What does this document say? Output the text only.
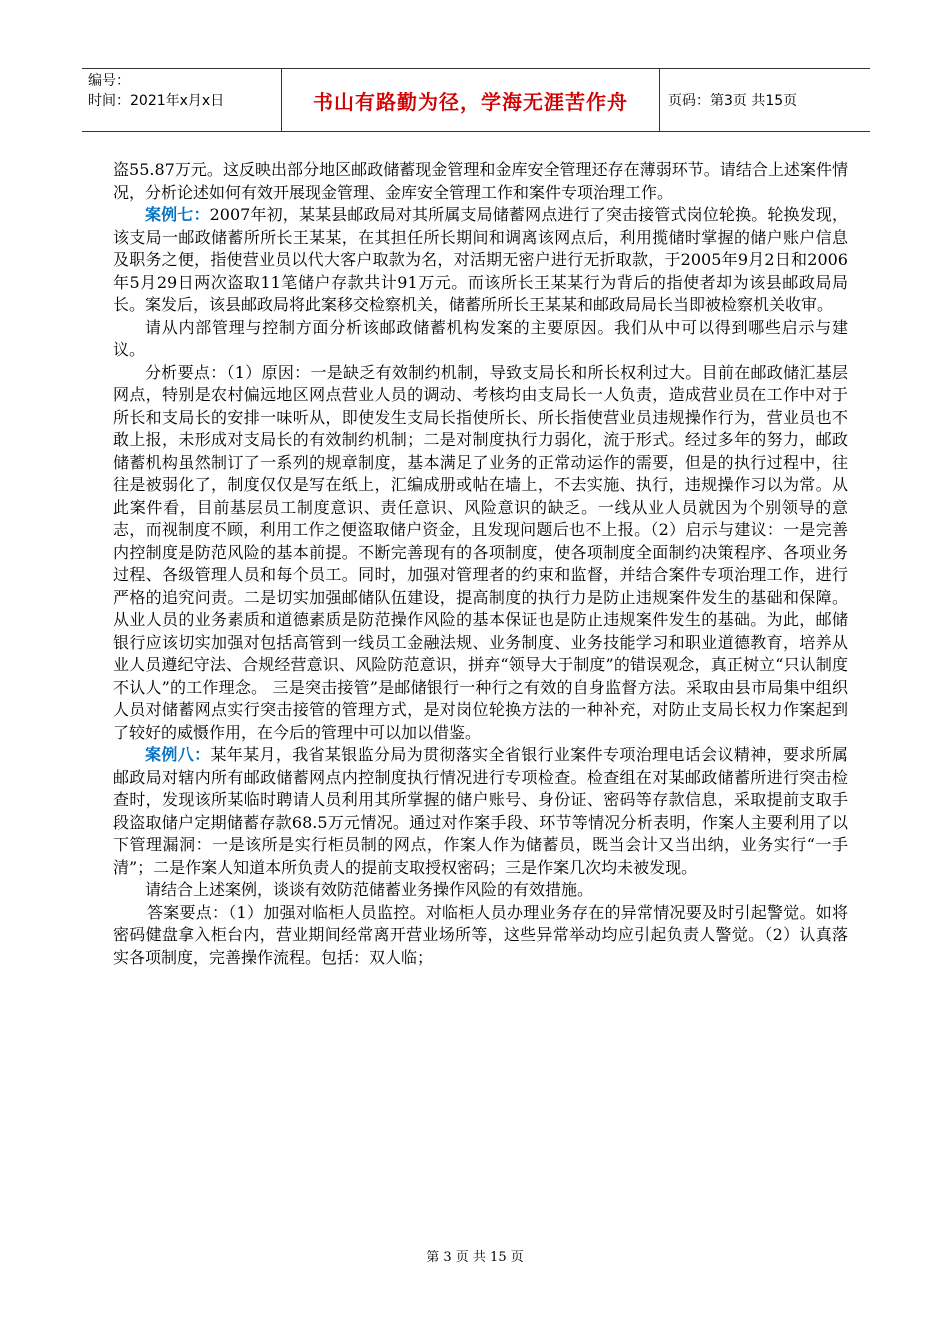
编号：
时间：2021年x月x日	书山有路勤为径，学海无涯苦作舟	页码：第3页 共15页

盗55.87万元。这反映出部分地区邮政储蓄现金管理和金库安全管理还存在薄弱环节。请结合上述案件情况，分析论述如何有效开展现金管理、金库安全管理工作和案件专项治理工作。

案例七：2007年初，某某县邮政局对其所属支局储蓄网点进行了突击接管式岗位轮换。轮换发现，该支局一邮政储蓄所所长王某某，在其担任所长期间和调离该网点后，利用揽储时掌握的储户账户信息及职务之便，指使营业员以代大客户取款为名，对活期无密户进行无折取款，于2005年9月2日和2006年5月29日两次盗取11笔储户存款共计91万元。而该所长王某某行为背后的指使者却为该县邮政局局长。案发后，该县邮政局将此案移交检察机关，储蓄所所长王某某和邮政局局长当即被检察机关收审。

请从内部管理与控制方面分析该邮政储蓄机构发案的主要原因。我们从中可以得到哪些启示与建议。

分析要点：（1）原因：一是缺乏有效制约机制，导致支局长和所长权利过大。目前在邮政储汇基层网点，特别是农村偏远地区网点营业人员的调动、考核均由支局长一人负责，造成营业员在工作中对于所长和支局长的安排一味听从，即使发生支局长指使所长、所长指使营业员违规操作行为，营业员也不敢上报，未形成对支局长的有效制约机制；二是对制度执行力弱化，流于形式。经过多年的努力，邮政储蓄机构虽然制订了一系列的规章制度，基本满足了业务的正常动运作的需要，但是的执行过程中，往往是被弱化了，制度仅仅是写在纸上，汇编成册或帖在墙上，不去实施、执行，违规操作习以为常。从此案件看，目前基层员工制度意识、责任意识、风险意识的缺乏。一线从业人员就因为个别领导的意志，而视制度不顾，利用工作之便盗取储户资金，且发现问题后也不上报。（2）启示与建议：一是完善内控制度是防范风险的基本前提。不断完善现有的各项制度，使各项制度全面制约决策程序、各项业务过程、各级管理人员和每个员工。同时，加强对管理者的约束和监督，并结合案件专项治理工作，进行严格的追究问责。二是切实加强邮储队伍建设，提高制度的执行力是防止违规案件发生的基础和保障。从业人员的业务素质和道德素质是防范操作风险的基本保证也是防止违规案件发生的基础。为此，邮储银行应该切实加强对包括高管到一线员工金融法规、业务制度、业务技能学习和职业道德教育，培养从业人员遵纪守法、合规经营意识、风险防范意识，拼弃“领导大于制度”的错误观念，真正树立“只认制度不认人”的工作理念。 三是突击接管”是邮储银行一种行之有效的自身监督方法。采取由县市局集中组织人员对储蓄网点实行突击接管的管理方式，是对岗位轮换方法的一种补充，对防止支局长权力作案起到了较好的威慑作用，在今后的管理中可以加以借鉴。

案例八：某年某月，我省某银监分局为贯彻落实全省银行业案件专项治理电话会议精神，要求所属邮政局对辖内所有邮政储蓄网点内控制度执行情况进行专项检查。检查组在对某邮政储蓄所进行突击检查时，发现该所某临时聘请人员利用其所掌握的储户账号、身份证、密码等存款信息，采取提前支取手段盗取储户定期储蓄存款68.5万元情况。通过对作案手段、环节等情况分析表明，作案人主要利用了以下管理漏洞：一是该所是实行柜员制的网点，作案人作为储蓄员，既当会计又当出纳，业务实行“一手清”；二是作案人知道本所负责人的提前支取授权密码；三是作案几次均未被发现。

请结合上述案例，谈谈有效防范储蓄业务操作风险的有效措施。

答案要点：（1）加强对临柜人员监控。对临柜人员办理业务存在的异常情况要及时引起警觉。如将密码健盘拿入柜台内，营业期间经常离开营业场所等，这些异常举动均应引起负责人警觉。（2）认真落实各项制度，完善操作流程。包括：双人临；

第 3 页 共 15 页
